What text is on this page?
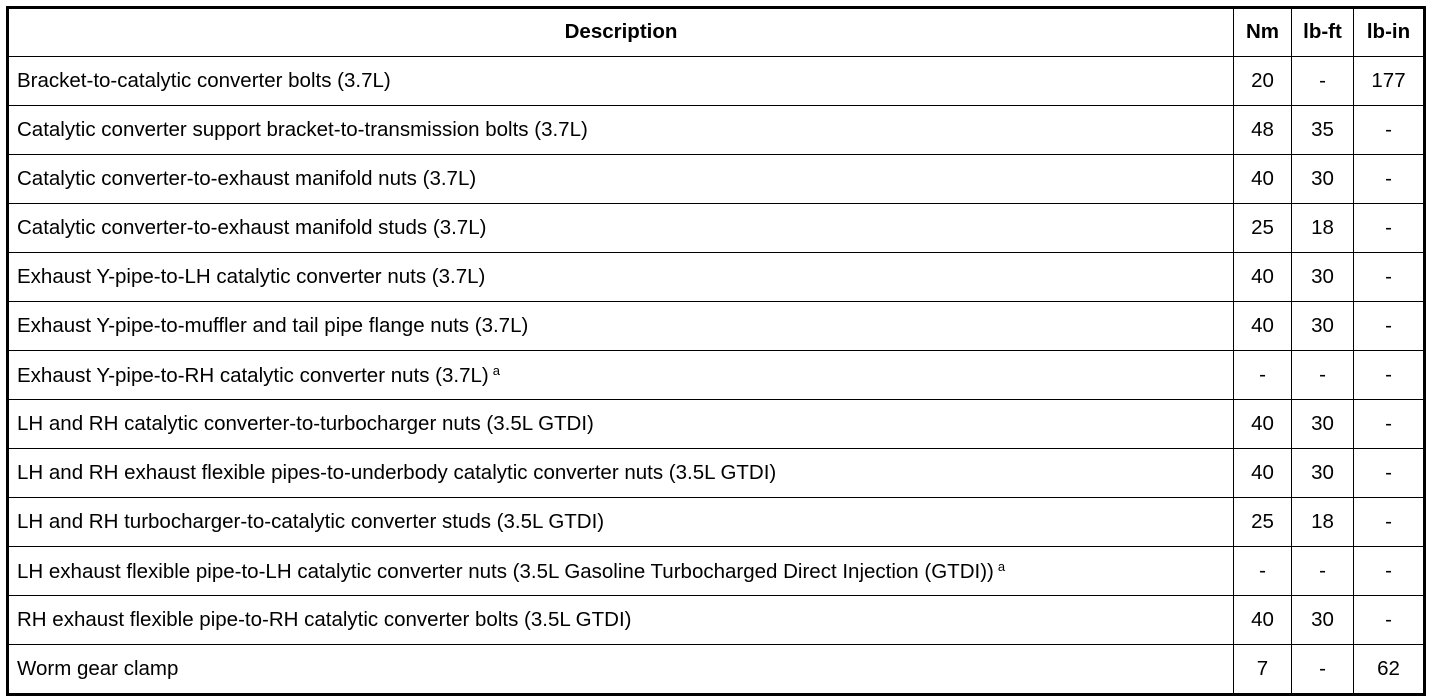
Description	Nm	lb-ft	lb-in
Bracket-to-catalytic converter bolts (3.7L)	20	-	177
Catalytic converter support bracket-to-transmission bolts (3.7L)	48	35	-
Catalytic converter-to-exhaust manifold nuts (3.7L)	40	30	-
Catalytic converter-to-exhaust manifold studs (3.7L)	25	18	-
Exhaust Y-pipe-to-LH catalytic converter nuts (3.7L)	40	30	-
Exhaust Y-pipe-to-muffler and tail pipe flange nuts (3.7L)	40	30	-
Exhaust Y-pipe-to-RH catalytic converter nuts (3.7L) $^a$	-	-	-
LH and RH catalytic converter-to-turbocharger nuts (3.5L GTDI)	40	30	-
LH and RH exhaust flexible pipes-to-underbody catalytic converter nuts (3.5L GTDI)	40	30	-
LH and RH turbocharger-to-catalytic converter studs (3.5L GTDI)	25	18	-
LH exhaust flexible pipe-to-LH catalytic converter nuts (3.5L Gasoline Turbocharged Direct Injection (GTDI)) $^a$	-	-	-
RH exhaust flexible pipe-to-RH catalytic converter bolts (3.5L GTDI)	40	30	-
Worm gear clamp	7	-	62
